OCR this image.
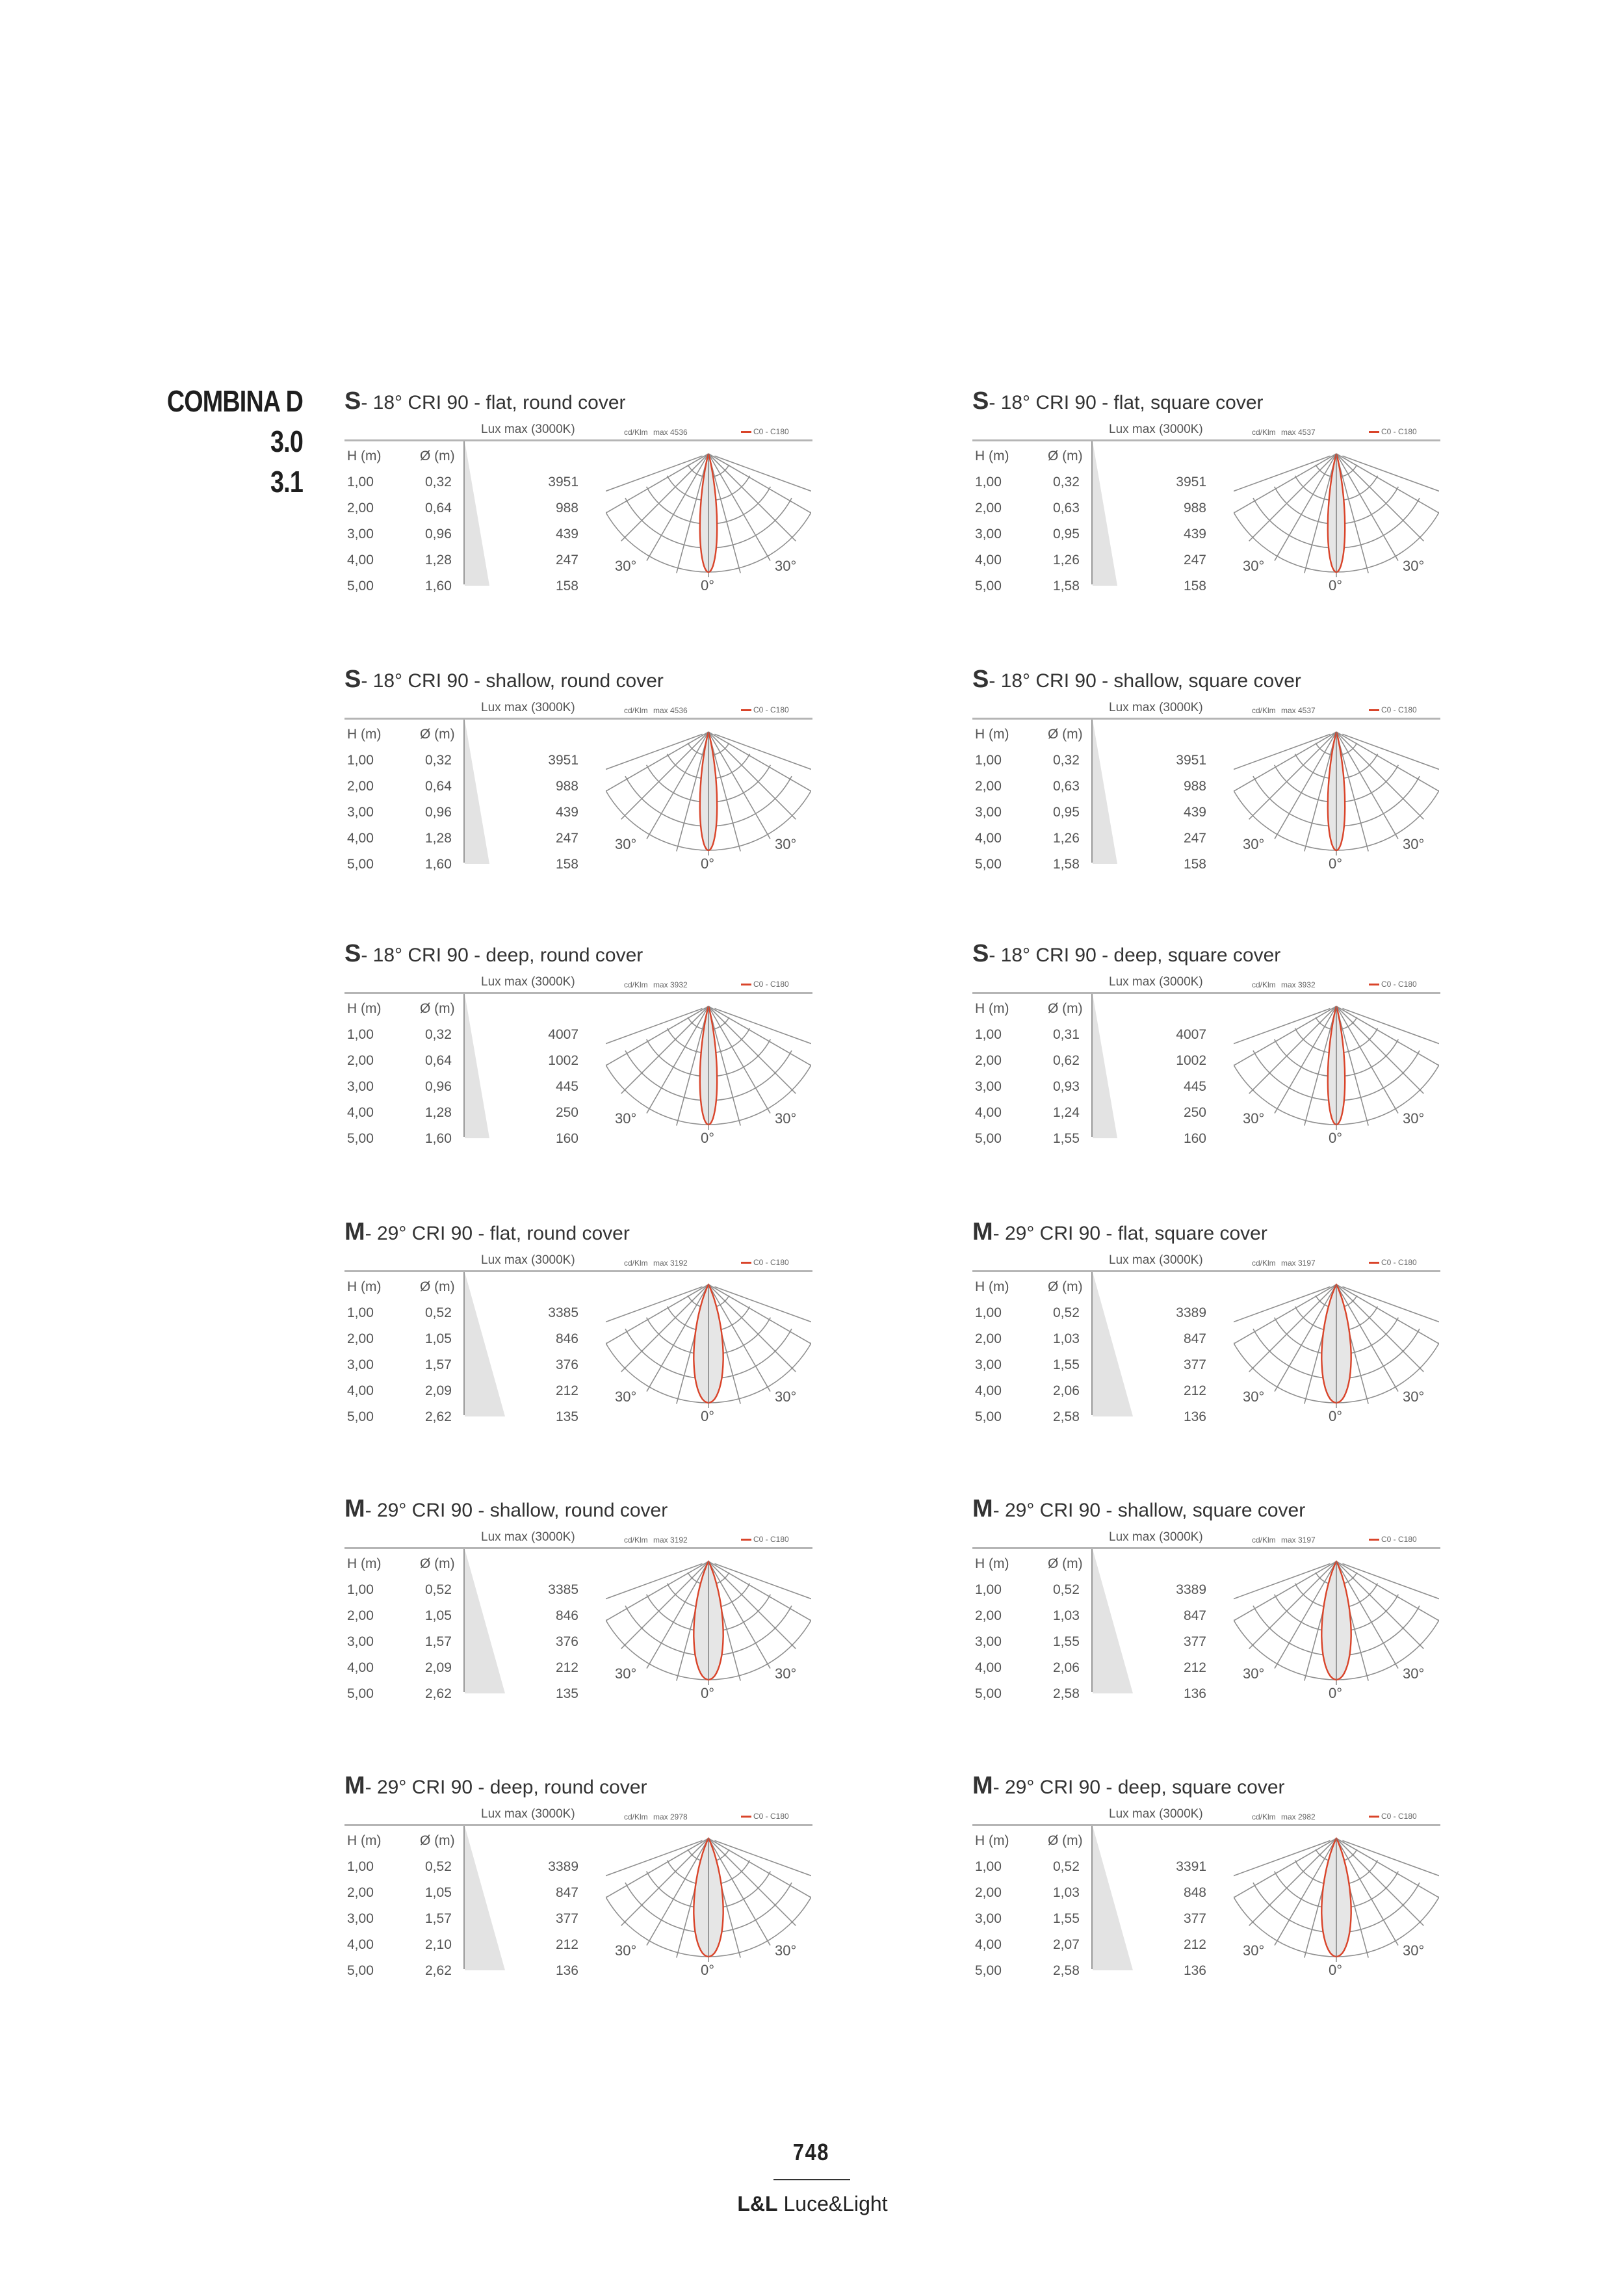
COMBINA D 3.0
3.1
S- 18° CRI 90 - flat, round cover
Lux max (3000K)	cd/Klm max 4536	C0 - C180
H (m)	Ø (m)
1,00	0,32	3951
2,00	0,64	988
3,00	0,96	439
4,00	1,28	247
5,00	1,60	158
30°	30°
0°
S- 18° CRI 90 - flat, square cover
Lux max (3000K)	cd/Klm max 4537	C0 - C180
H (m)	Ø (m)
1,00	0,32	3951
2,00	0,63	988
3,00	0,95	439
4,00	1,26	247
5,00	1,58	158
30°	30°
0°
S- 18° CRI 90 - shallow, round cover
Lux max (3000K)	cd/Klm max 4536	C0 - C180
H (m)	Ø (m)
1,00	0,32	3951
2,00	0,64	988
3,00	0,96	439
4,00	1,28	247
5,00	1,60	158
30°	30°
0°
S- 18° CRI 90 - shallow, square cover
Lux max (3000K)	cd/Klm max 4537	C0 - C180
H (m)	Ø (m)
1,00	0,32	3951
2,00	0,63	988
3,00	0,95	439
4,00	1,26	247
5,00	1,58	158
30°	30°
0°
S- 18° CRI 90 - deep, round cover
Lux max (3000K)	cd/Klm max 3932	C0 - C180
H (m)	Ø (m)
1,00	0,32	4007
2,00	0,64	1002
3,00	0,96	445
4,00	1,28	250
5,00	1,60	160
30°	30°
0°
S- 18° CRI 90 - deep, square cover
Lux max (3000K)	cd/Klm max 3932	C0 - C180
H (m)	Ø (m)
1,00	0,31	4007
2,00	0,62	1002
3,00	0,93	445
4,00	1,24	250
5,00	1,55	160
30°	30°
0°
M- 29° CRI 90 - flat, round cover
Lux max (3000K)	cd/Klm max 3192	C0 - C180
H (m)	Ø (m)
1,00	0,52	3385
2,00	1,05	846
3,00	1,57	376
4,00	2,09	212
5,00	2,62	135
30°	30°
0°
M- 29° CRI 90 - flat, square cover
Lux max (3000K)	cd/Klm max 3197	C0 - C180
H (m)	Ø (m)
1,00	0,52	3389
2,00	1,03	847
3,00	1,55	377
4,00	2,06	212
5,00	2,58	136
30°	30°
0°
M- 29° CRI 90 - shallow, round cover
Lux max (3000K)	cd/Klm max 3192	C0 - C180
H (m)	Ø (m)
1,00	0,52	3385
2,00	1,05	846
3,00	1,57	376
4,00	2,09	212
5,00	2,62	135
30°	30°
0°
M- 29° CRI 90 - shallow, square cover
Lux max (3000K)	cd/Klm max 3197	C0 - C180
H (m)	Ø (m)
1,00	0,52	3389
2,00	1,03	847
3,00	1,55	377
4,00	2,06	212
5,00	2,58	136
30°	30°
0°
M- 29° CRI 90 - deep, round cover
Lux max (3000K)	cd/Klm max 2978	C0 - C180
H (m)	Ø (m)
1,00	0,52	3389
2,00	1,05	847
3,00	1,57	377
4,00	2,10	212
5,00	2,62	136
30°	30°
0°
M- 29° CRI 90 - deep, square cover
Lux max (3000K)	cd/Klm max 2982	C0 - C180
H (m)	Ø (m)
1,00	0,52	3391
2,00	1,03	848
3,00	1,55	377
4,00	2,07	212
5,00	2,58	136
30°	30°
0°
748
L&L Luce&Light
